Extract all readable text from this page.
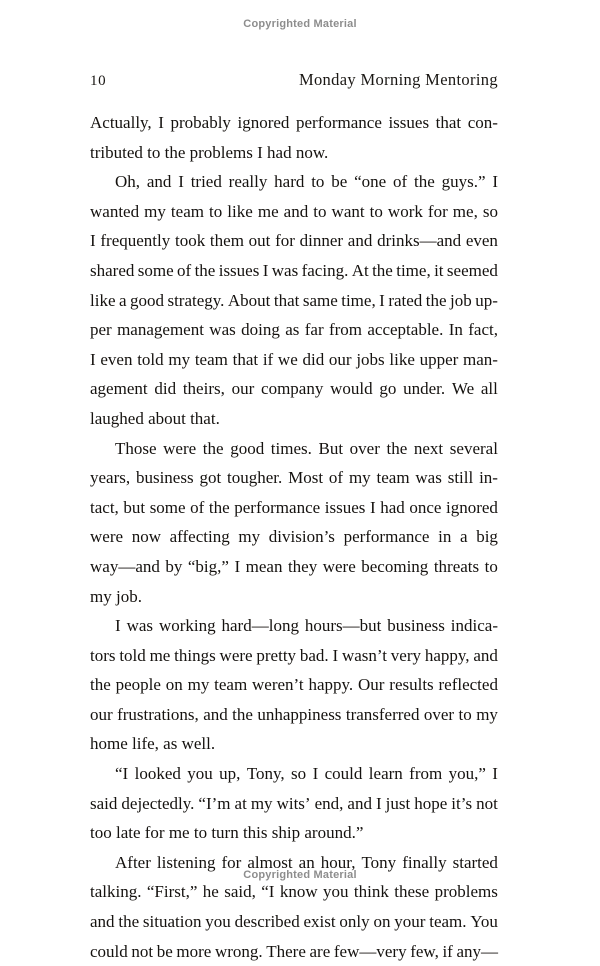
Copyrighted Material
10	Monday Morning Mentoring

Actually, I probably ignored performance issues that con-
tributed to the problems I had now.

Oh, and I tried really hard to be “one of the guys.” I
wanted my team to like me and to want to work for me, so
I frequently took them out for dinner and drinks—and even
shared some of the issues I was facing. At the time, it seemed
like a good strategy. About that same time, I rated the job up-
per management was doing as far from acceptable. In fact,
I even told my team that if we did our jobs like upper man-
agement did theirs, our company would go under. We all
laughed about that.

Those were the good times. But over the next several
years, business got tougher. Most of my team was still in-
tact, but some of the performance issues I had once ignored
were now affecting my division’s performance in a big
way—and by “big,” I mean they were becoming threats to
my job.

I was working hard—long hours—but business indica-
tors told me things were pretty bad. I wasn’t very happy, and
the people on my team weren’t happy. Our results reflected
our frustrations, and the unhappiness transferred over to my
home life, as well.

“I looked you up, Tony, so I could learn from you,” I
said dejectedly. “I’m at my wits’ end, and I just hope it’s not
too late for me to turn this ship around.”

After listening for almost an hour, Tony finally started
talking. “First,” he said, “I know you think these problems
and the situation you described exist only on your team. You
could not be more wrong. There are few—very few, if any—

Copyrighted Material
